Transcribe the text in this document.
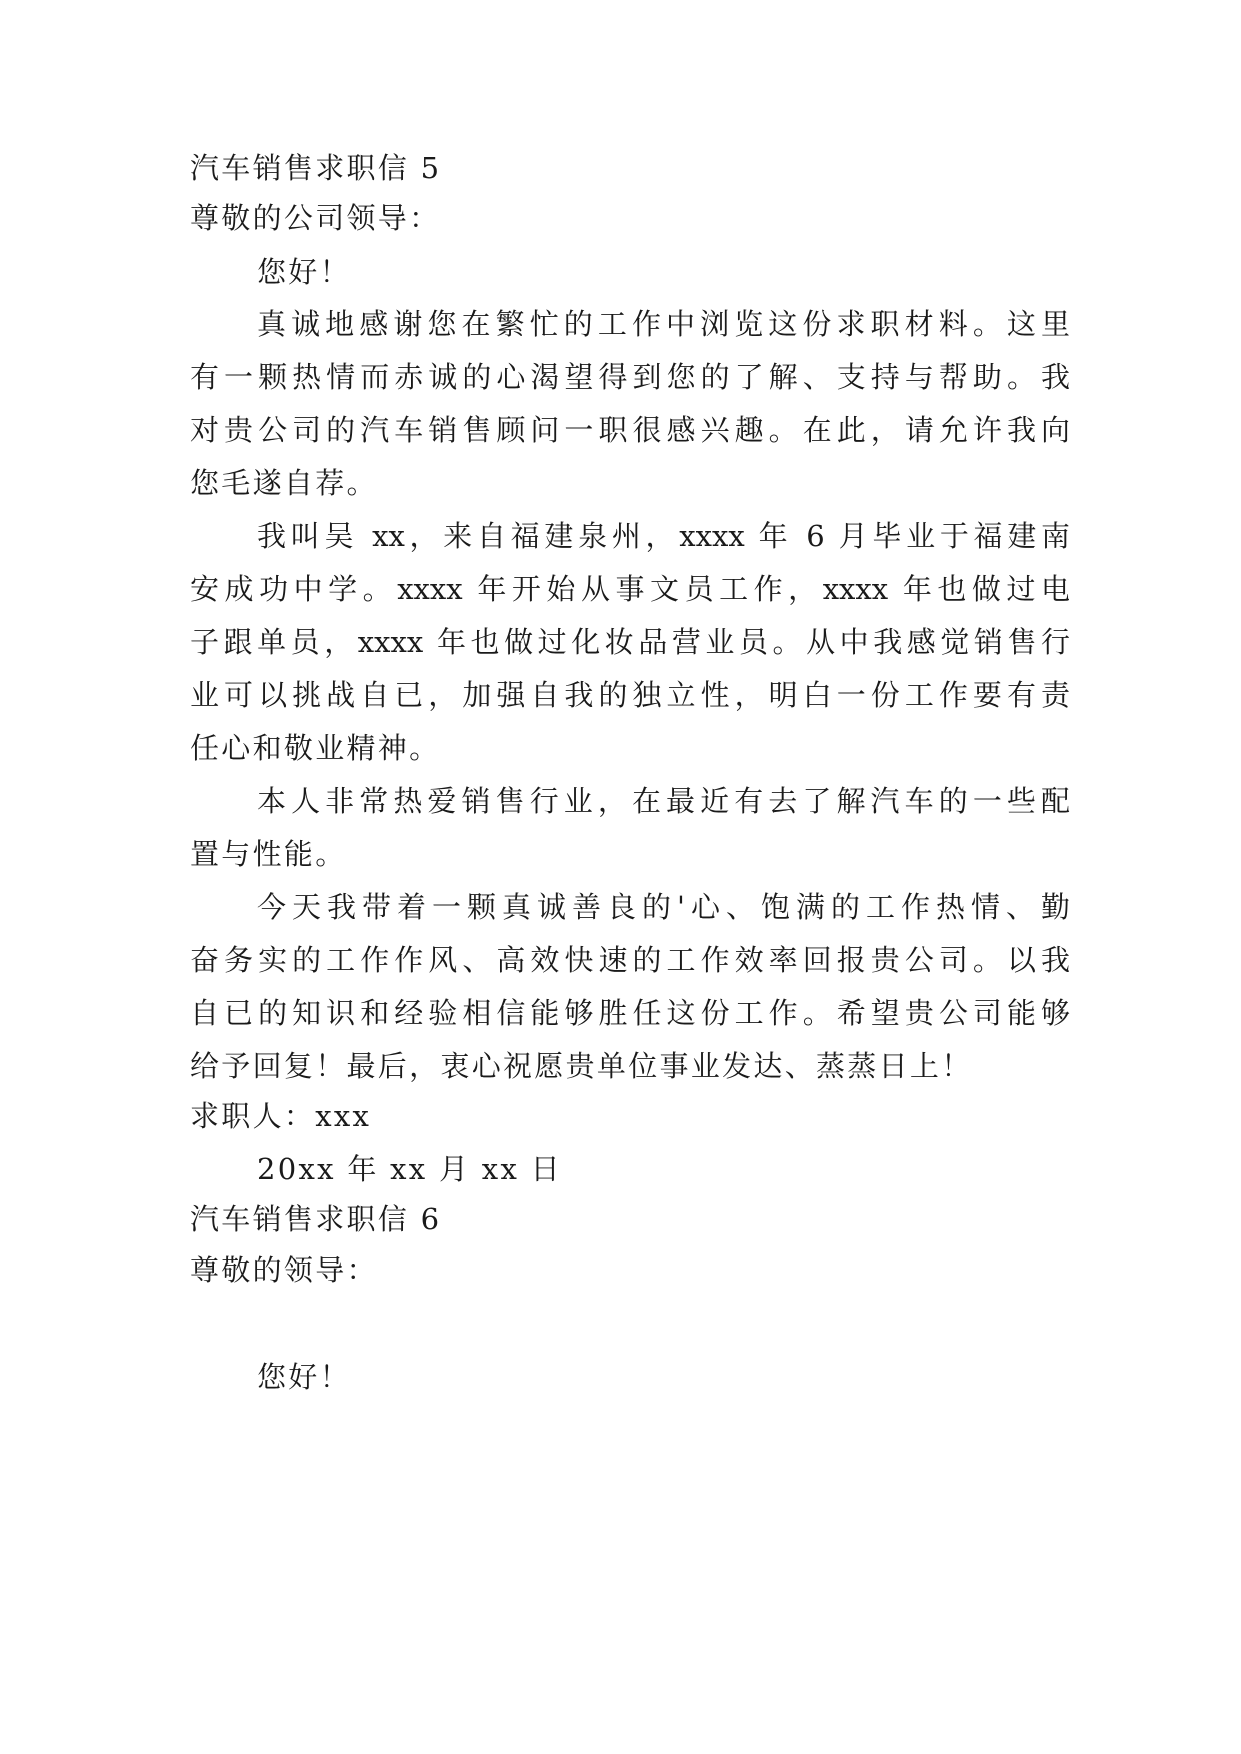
汽车销售求职信 5
尊敬的公司领导：
您好！
真诚地感谢您在繁忙的工作中浏览这份求职材料。这里
有一颗热情而赤诚的心渴望得到您的了解、支持与帮助。我
对贵公司的汽车销售顾问一职很感兴趣。在此，请允许我向
您毛遂自荐。
我叫吴 xx，来自福建泉州，xxxx 年 6 月毕业于福建南
安成功中学。xxxx 年开始从事文员工作，xxxx 年也做过电
子跟单员，xxxx 年也做过化妆品营业员。从中我感觉销售行
业可以挑战自已，加强自我的独立性，明白一份工作要有责
任心和敬业精神。
本人非常热爱销售行业，在最近有去了解汽车的一些配
置与性能。
今天我带着一颗真诚善良的'心、饱满的工作热情、勤
奋务实的工作作风、高效快速的工作效率回报贵公司。以我
自已的知识和经验相信能够胜任这份工作。希望贵公司能够
给予回复！最后，衷心祝愿贵单位事业发达、蒸蒸日上！
求职人：xxx
20xx 年 xx 月 xx 日
汽车销售求职信 6
尊敬的领导：
您好！
